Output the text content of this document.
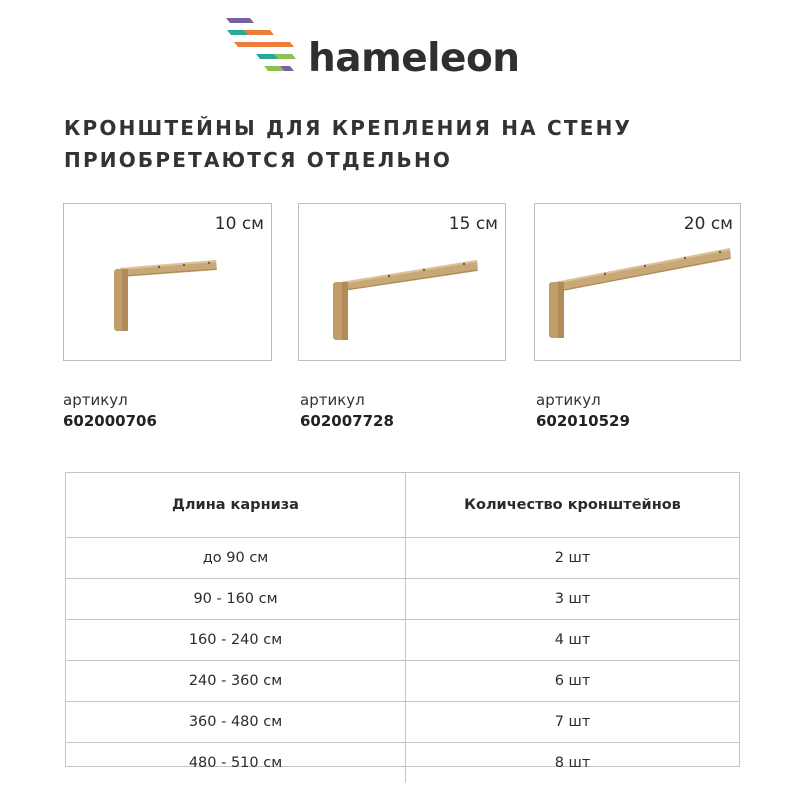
hameleon
КРОНШТЕЙНЫ ДЛЯ КРЕПЛЕНИЯ НА СТЕНУ
ПРИОБРЕТАЮТСЯ ОТДЕЛЬНО
10 см	15 см	20 см
артикул
602000706
артикул
602007728
артикул
602010529
Длина карниза	Количество кронштейнов
до 90 см	2 шт
90 - 160 см	3 шт
160 - 240 см	4 шт
240 - 360 см	6 шт
360 - 480 см	7 шт
480 - 510 см	8 шт
